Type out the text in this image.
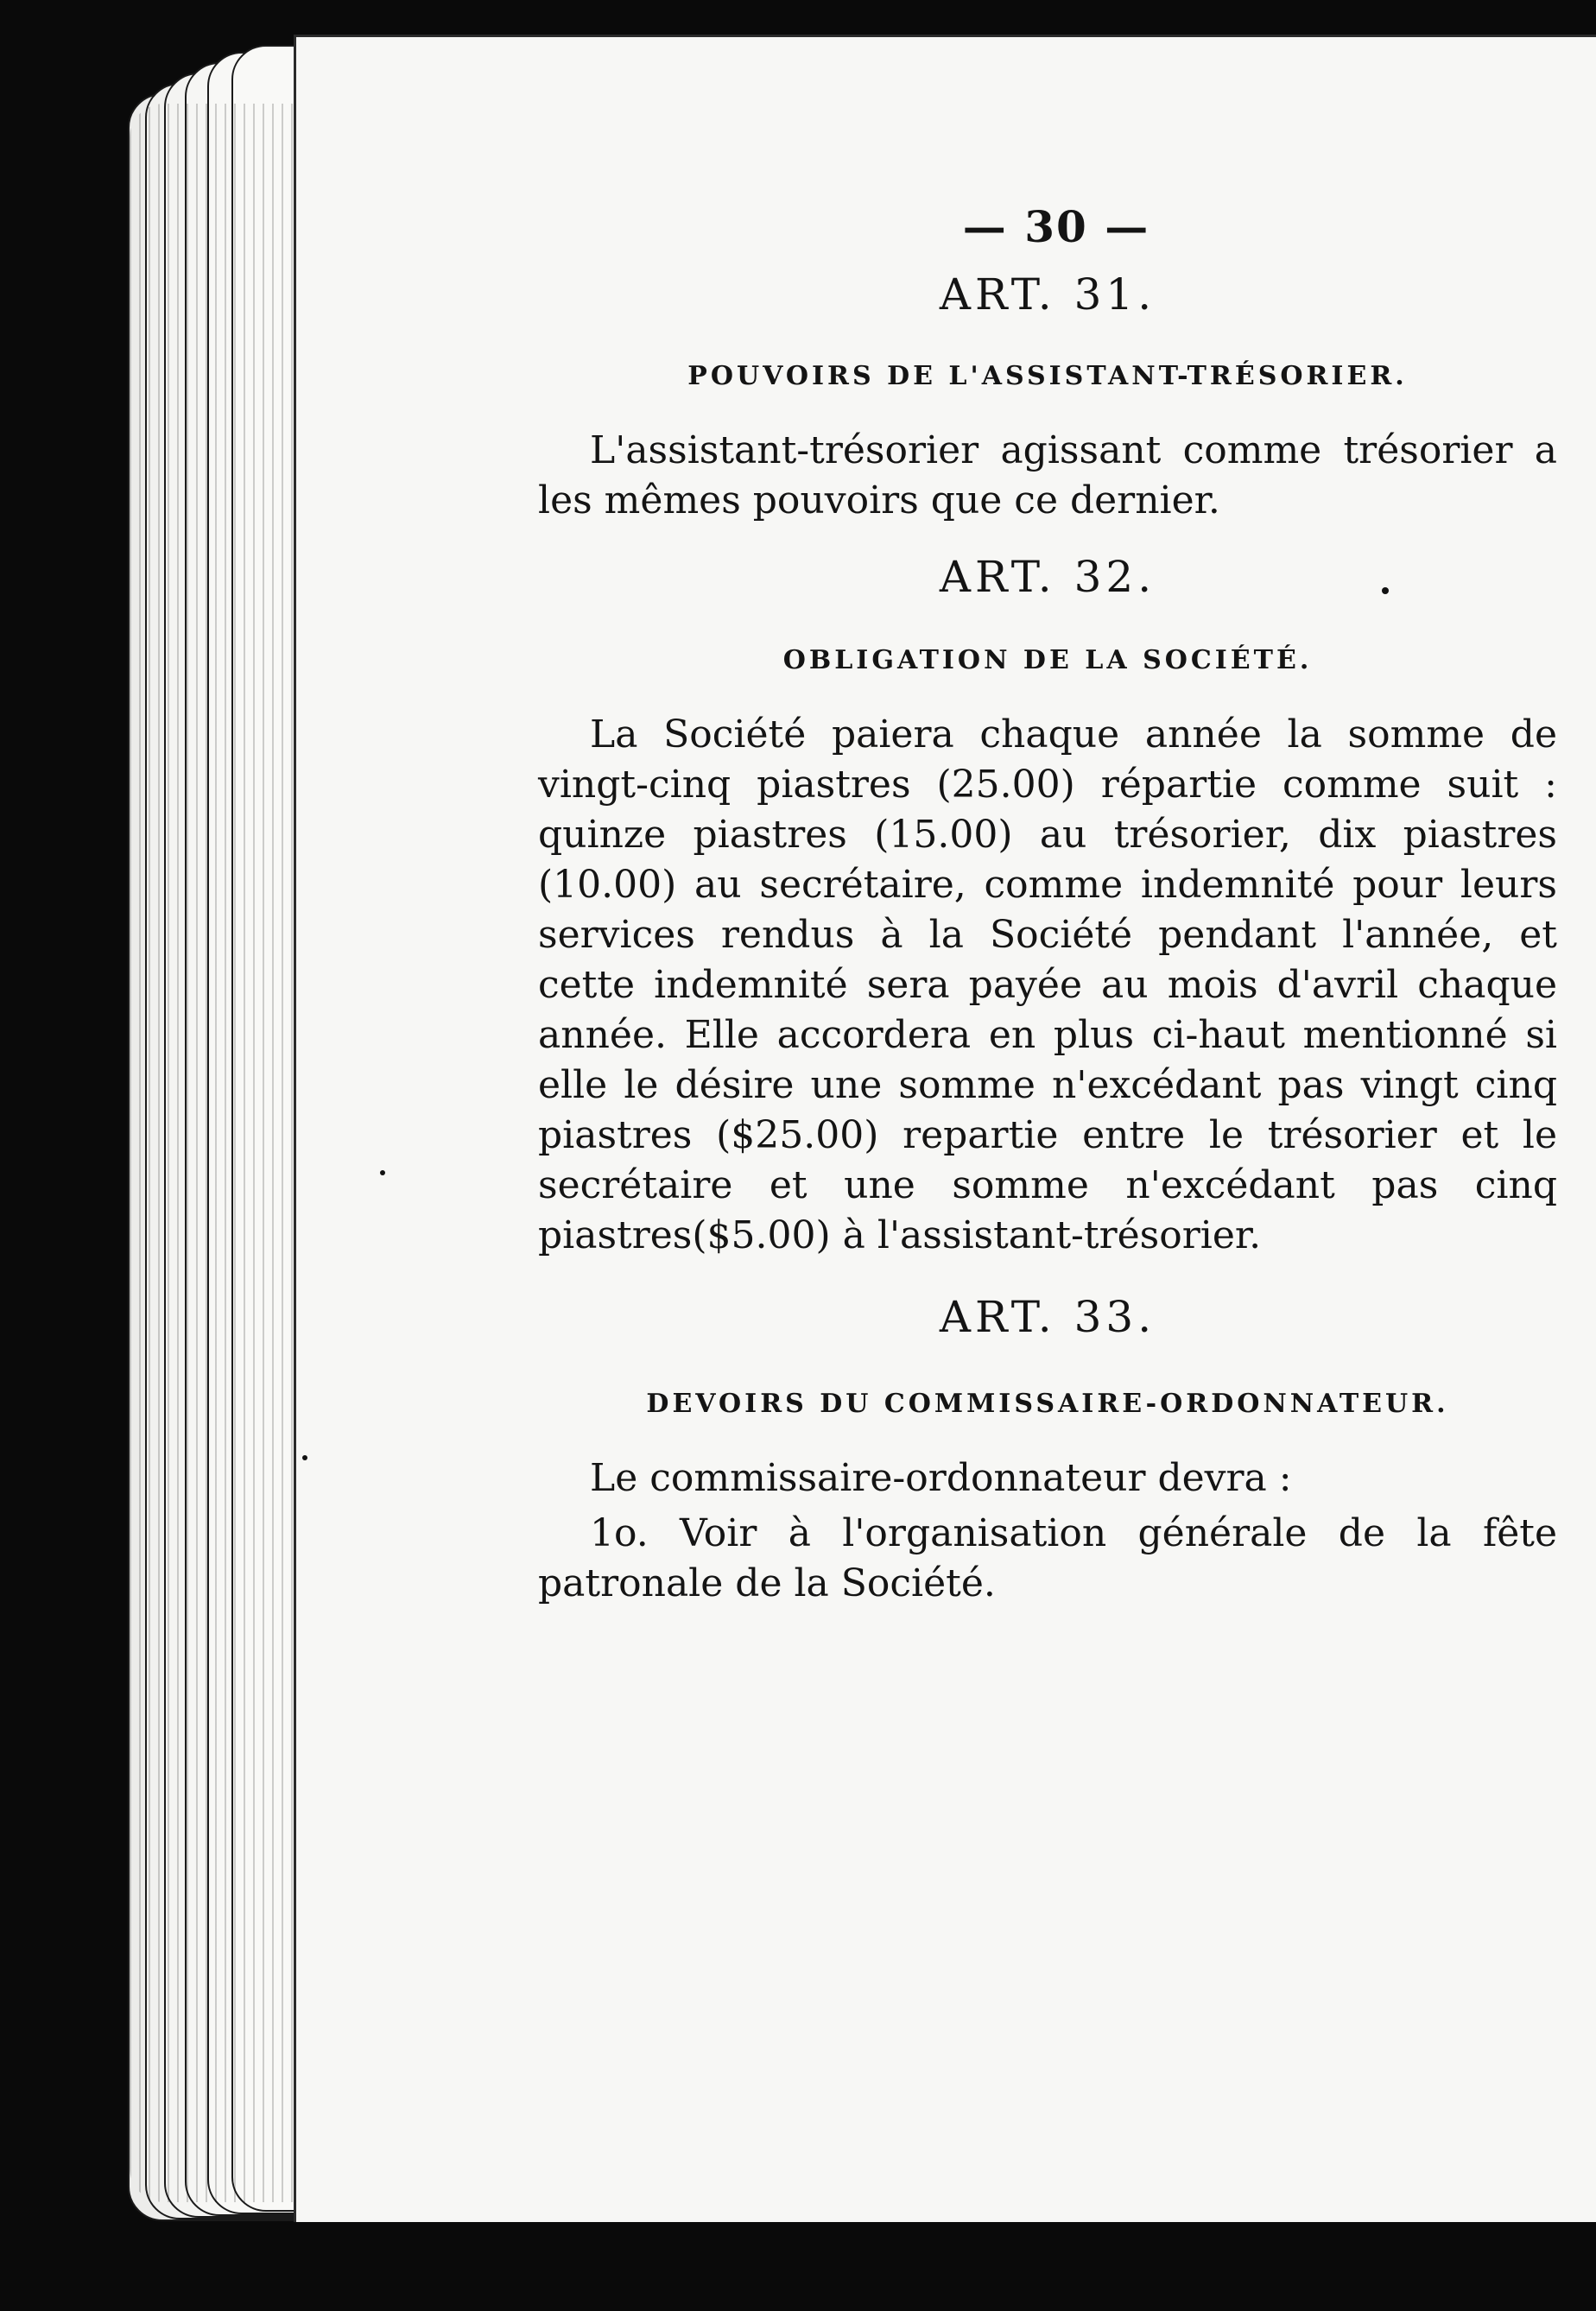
— 30 —

ART. 31.

POUVOIRS DE L'ASSISTANT-TRÉSORIER.

L'assistant-trésorier agissant comme trésorier a les mêmes pouvoirs que ce dernier.

ART. 32.

OBLIGATION DE LA SOCIÉTÉ.

La Société paiera chaque année la somme de vingt-cinq piastres (25.00) répartie comme suit : quinze piastres (15.00) au trésorier, dix piastres (10.00) au secrétaire, comme indemnité pour leurs services rendus à la Société pendant l'année, et cette indemnité sera payée au mois d'avril chaque année. Elle accordera en plus ci-haut mentionné si elle le désire une somme n'excédant pas vingt cinq piastres ($25.00) repartie entre le trésorier et le secrétaire et une somme n'excédant pas cinq piastres($5.00) à l'assistant-trésorier.

ART. 33.

DEVOIRS DU COMMISSAIRE-ORDONNATEUR.

Le commissaire-ordonnateur devra :

1o. Voir à l'organisation générale de la fête patronale de la Société.
